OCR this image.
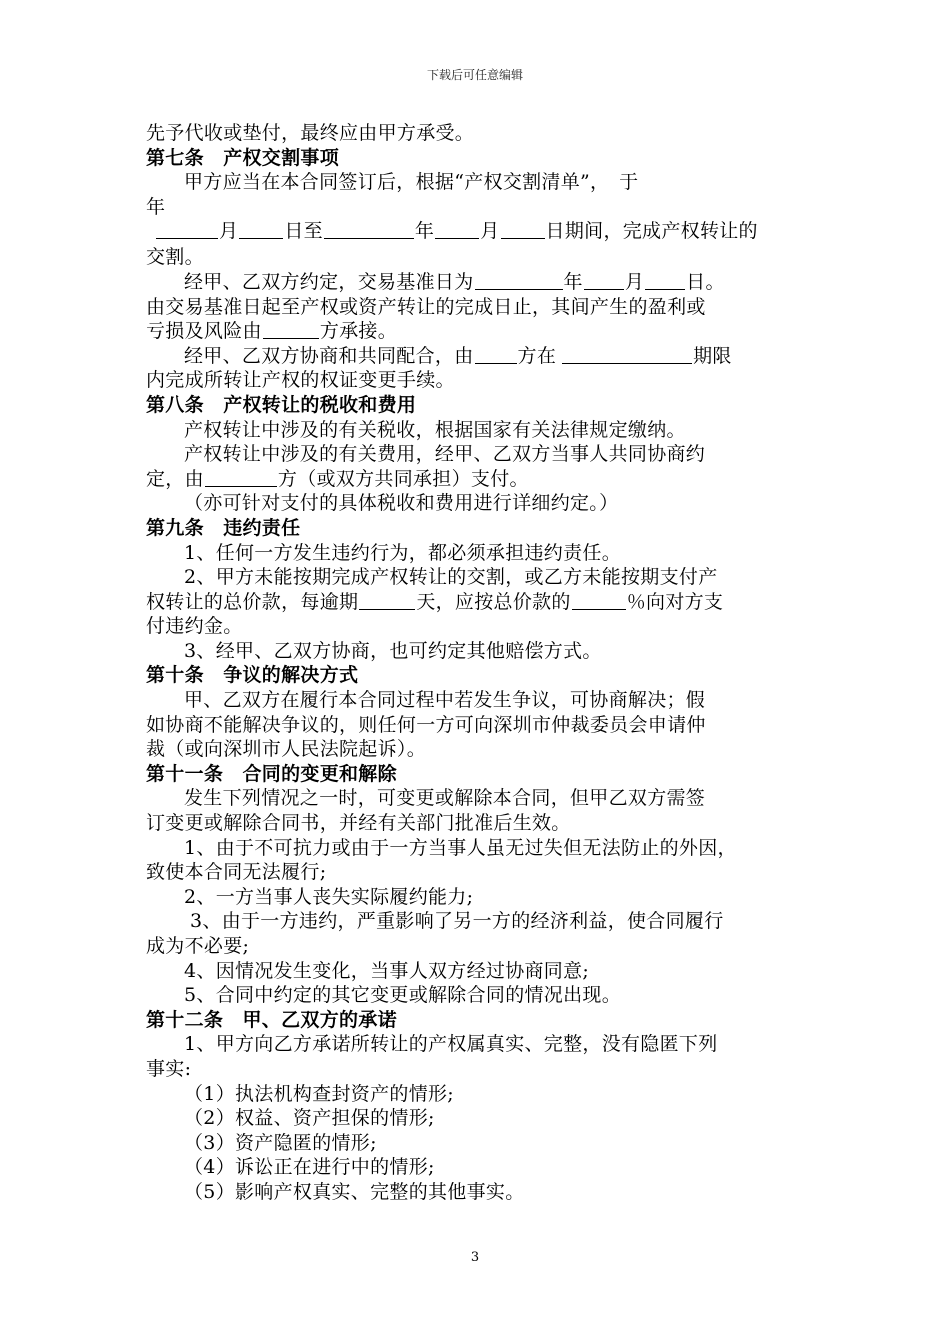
下载后可任意编辑
先予代收或垫付，最终应由甲方承受。
第七条　产权交割事项
甲方应当在本合同签订后，根据“产权交割清单”，　于
年
月 日至	年 月 日期间，完成产权转让的
交割。
经甲、乙双方约定，交易基准日为	年 月 日。
由交易基准日起至产权或资产转让的完成日止，其间产生的盈利或
亏损及风险由	方承接。
经甲、乙双方协商和共同配合，由 方在	期限
内完成所转让产权的权证变更手续。
第八条　产权转让的税收和费用
产权转让中涉及的有关税收，根据国家有关法律规定缴纳。
产权转让中涉及的有关费用，经甲、乙双方当事人共同协商约
定，由	方（或双方共同承担）支付。
（亦可针对支付的具体税收和费用进行详细约定。）
第九条　违约责任
1、任何一方发生违约行为，都必须承担违约责任。
2、甲方未能按期完成产权转让的交割，或乙方未能按期支付产
权转让的总价款，每逾期	天，应按总价款的	％向对方支
付违约金。
3、经甲、乙双方协商，也可约定其他赔偿方式。
第十条　争议的解决方式
甲、乙双方在履行本合同过程中若发生争议，可协商解决；假
如协商不能解决争议的，则任何一方可向深圳市仲裁委员会申请仲
裁（或向深圳市人民法院起诉）。
第十一条　合同的变更和解除
发生下列情况之一时，可变更或解除本合同，但甲乙双方需签
订变更或解除合同书，并经有关部门批准后生效。
1、由于不可抗力或由于一方当事人虽无过失但无法防止的外因，
致使本合同无法履行;
2、一方当事人丧失实际履约能力;
3、由于一方违约，严重影响了另一方的经济利益，使合同履行
成为不必要;
4、因情况发生变化，当事人双方经过协商同意;
5、合同中约定的其它变更或解除合同的情况出现。
第十二条　甲、乙双方的承诺
1、甲方向乙方承诺所转让的产权属真实、完整，没有隐匿下列
事实:
（1）执法机构查封资产的情形;
（2）权益、资产担保的情形;
（3）资产隐匿的情形;
（4）诉讼正在进行中的情形;
（5）影响产权真实、完整的其他事实。
3
